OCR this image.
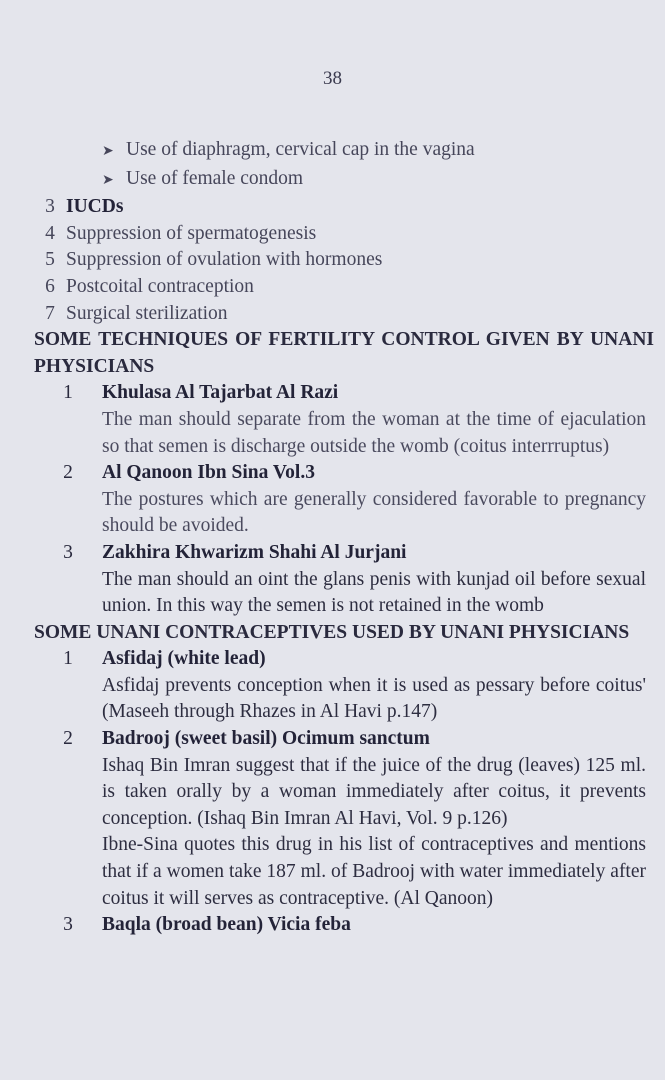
38
➤ Use of diaphragm, cervical cap in the vagina
➤ Use of female condom
3 IUCDs
4 Suppression of spermatogenesis
5 Suppression of ovulation with hormones
6 Postcoital contraception
7 Surgical sterilization
SOME TECHNIQUES OF FERTILITY CONTROL GIVEN BY UNANI PHYSICIANS
1	Khulasa Al Tajarbat Al Razi
The man should separate from the woman at the time of ejaculation so that semen is discharge outside the womb (coitus interrruptus)
2	Al Qanoon Ibn Sina Vol.3
The postures which are generally considered favorable to pregnancy should be avoided.
3	Zakhira Khwarizm Shahi Al Jurjani
The man should an oint the glans penis with kunjad oil before sexual union. In this way the semen is not retained in the womb
SOME UNANI CONTRACEPTIVES USED BY UNANI PHYSICIANS
1	Asfidaj (white lead)
Asfidaj prevents conception when it is used as pessary before coitus' (Maseeh through Rhazes in Al Havi p.147)
2	Badrooj (sweet basil) Ocimum sanctum
Ishaq Bin Imran suggest that if the juice of the drug (leaves) 125 ml. is taken orally by a woman immediately after coitus, it prevents conception. (Ishaq Bin Imran Al Havi, Vol. 9 p.126)
Ibne-Sina quotes this drug in his list of contraceptives and mentions that if a women take 187 ml. of Badrooj with water immediately after coitus it will serves as contraceptive. (Al Qanoon)
3	Baqla (broad bean) Vicia feba
